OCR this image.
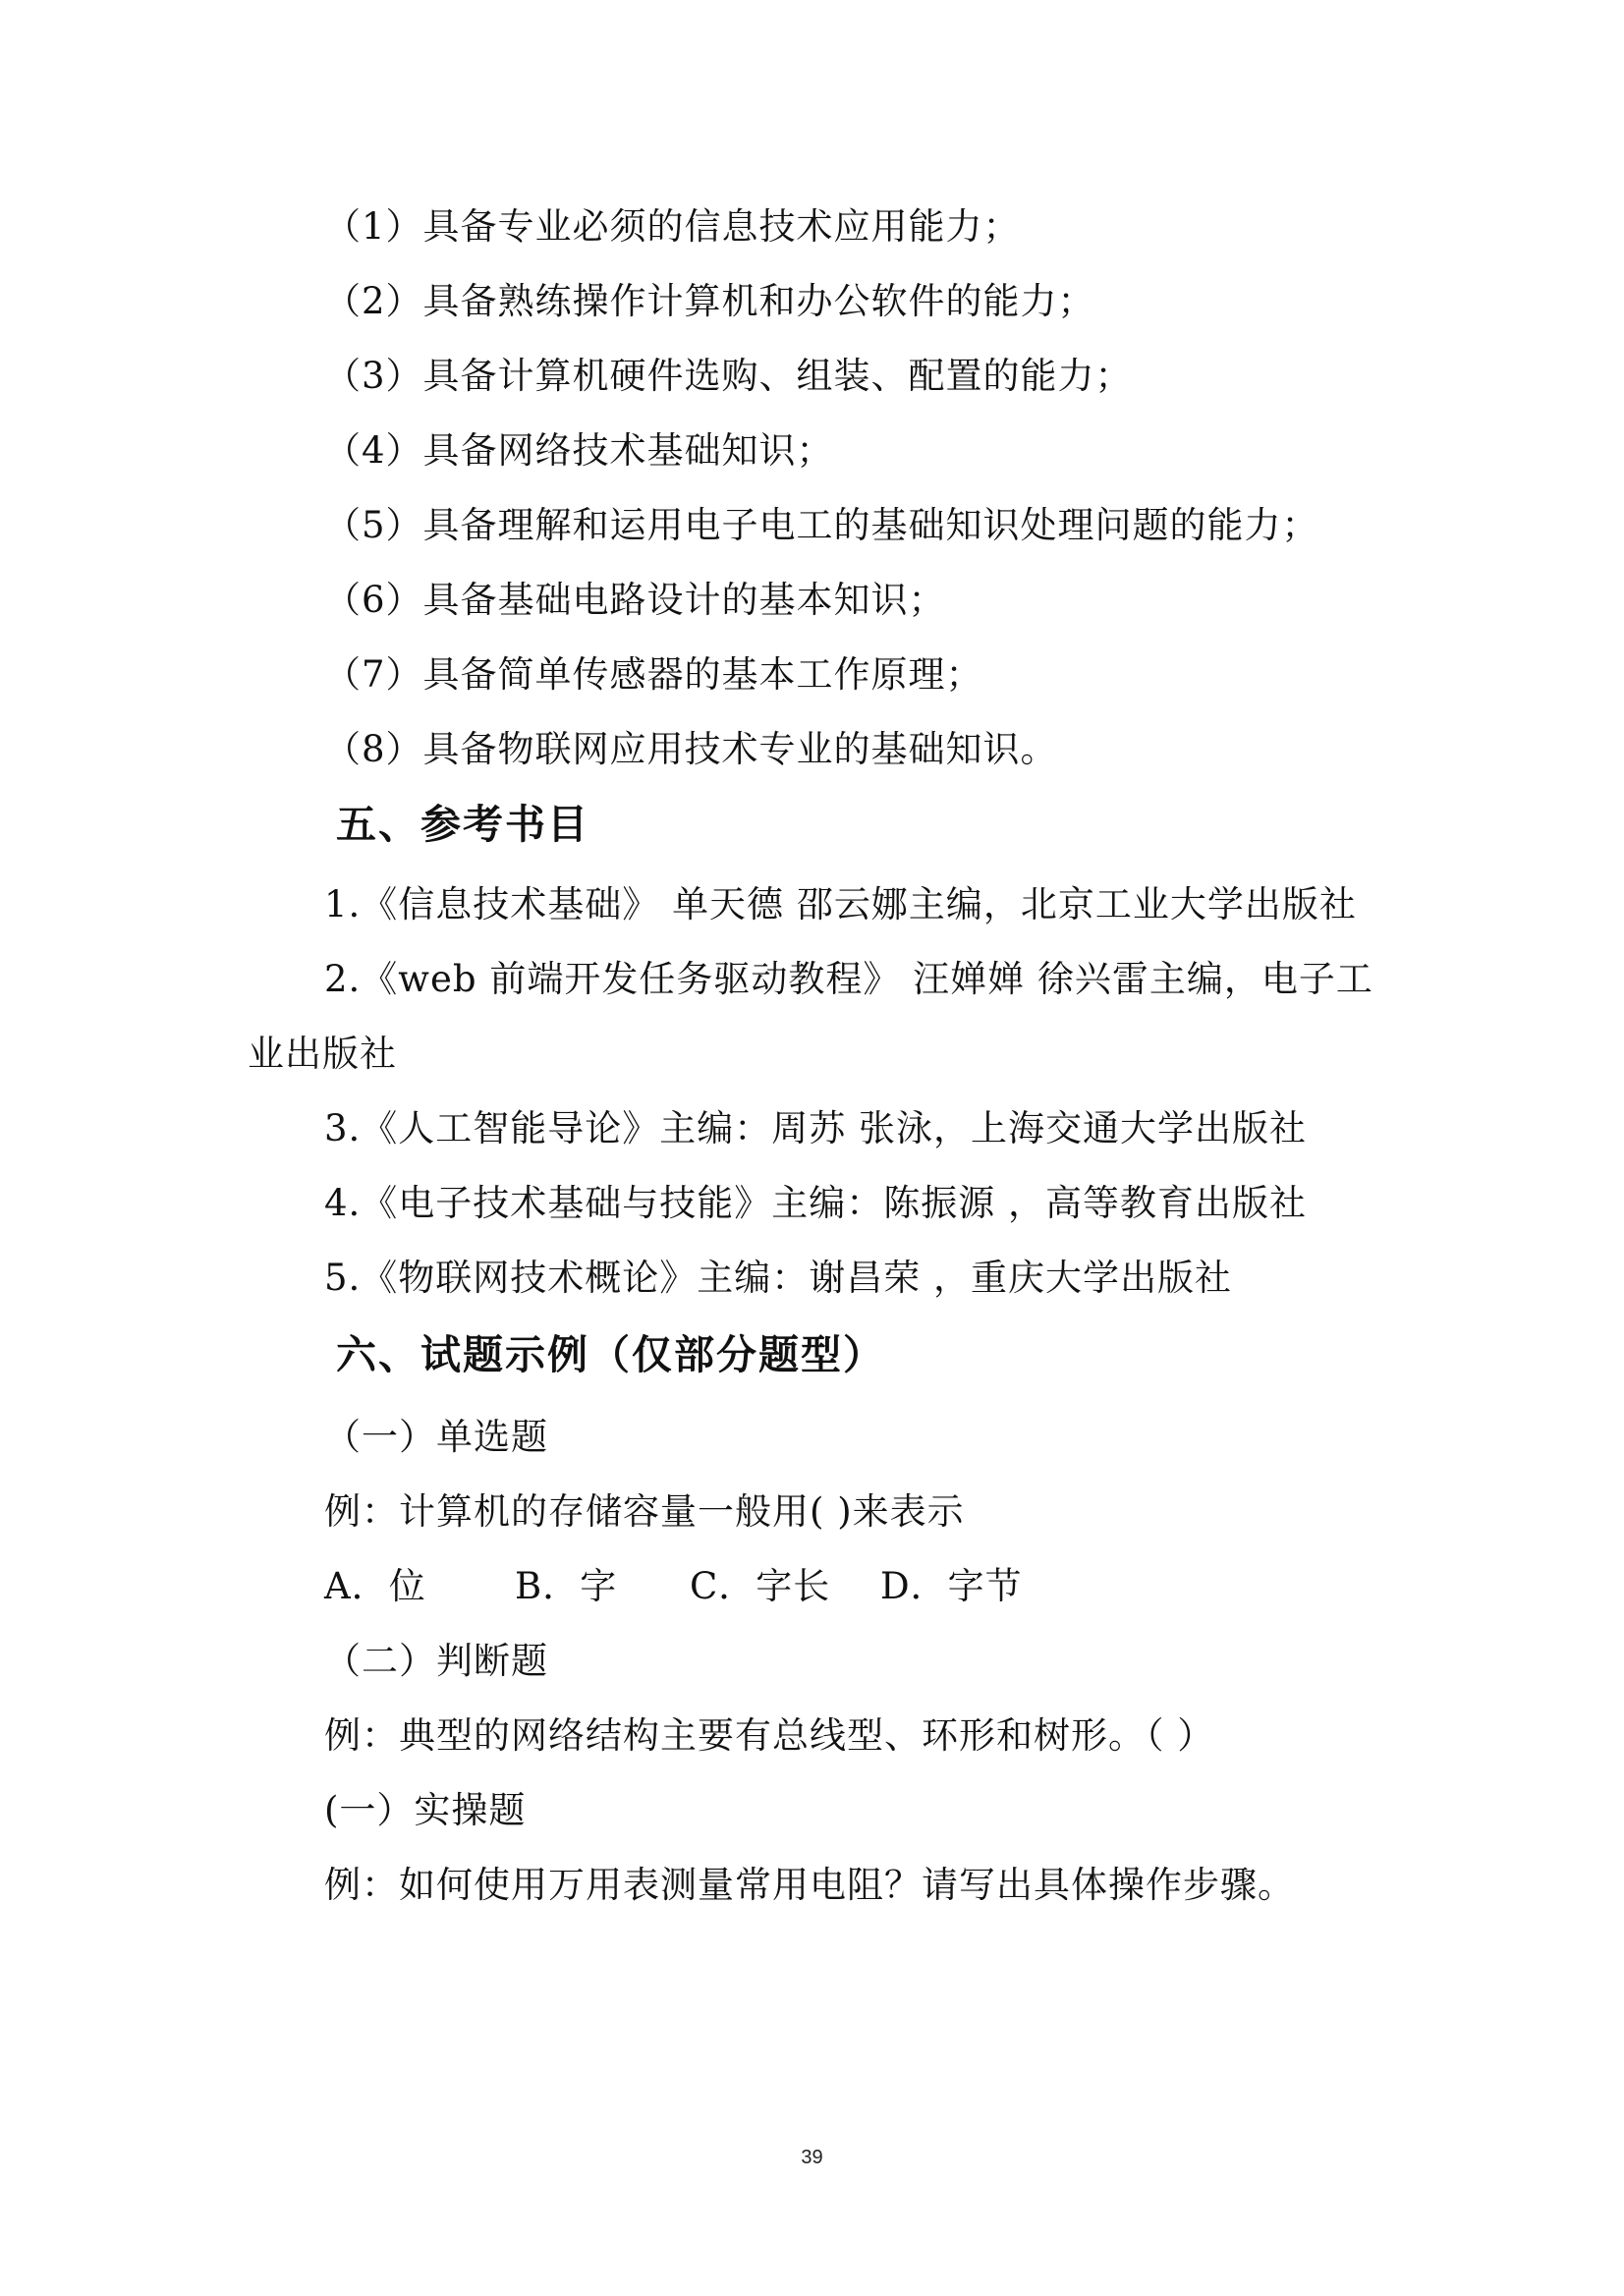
（1）具备专业必须的信息技术应用能力；
（2）具备熟练操作计算机和办公软件的能力；
（3）具备计算机硬件选购、组装、配置的能力；
（4）具备网络技术基础知识；
（5）具备理解和运用电子电工的基础知识处理问题的能力；
（6）具备基础电路设计的基本知识；
（7）具备简单传感器的基本工作原理；
（8）具备物联网应用技术专业的基础知识。
五、参考书目
1.《信息技术基础》 单天德 邵云娜主编，北京工业大学出版社
2.《web 前端开发任务驱动教程》 汪婵婵 徐兴雷主编，电子工
业出版社
3.《人工智能导论》主编：周苏 张泳，上海交通大学出版社
4.《电子技术基础与技能》主编：陈振源 ，高等教育出版社
5.《物联网技术概论》主编：谢昌荣 ，重庆大学出版社
六、试题示例（仅部分题型）
（一）单选题
例：计算机的存储容量一般用( )来表示
A．位 B．字 C．字长 D．字节
（二）判断题
例：典型的网络结构主要有总线型、环形和树形。（ ）
(一）实操题
例：如何使用万用表测量常用电阻？请写出具体操作步骤。
39
